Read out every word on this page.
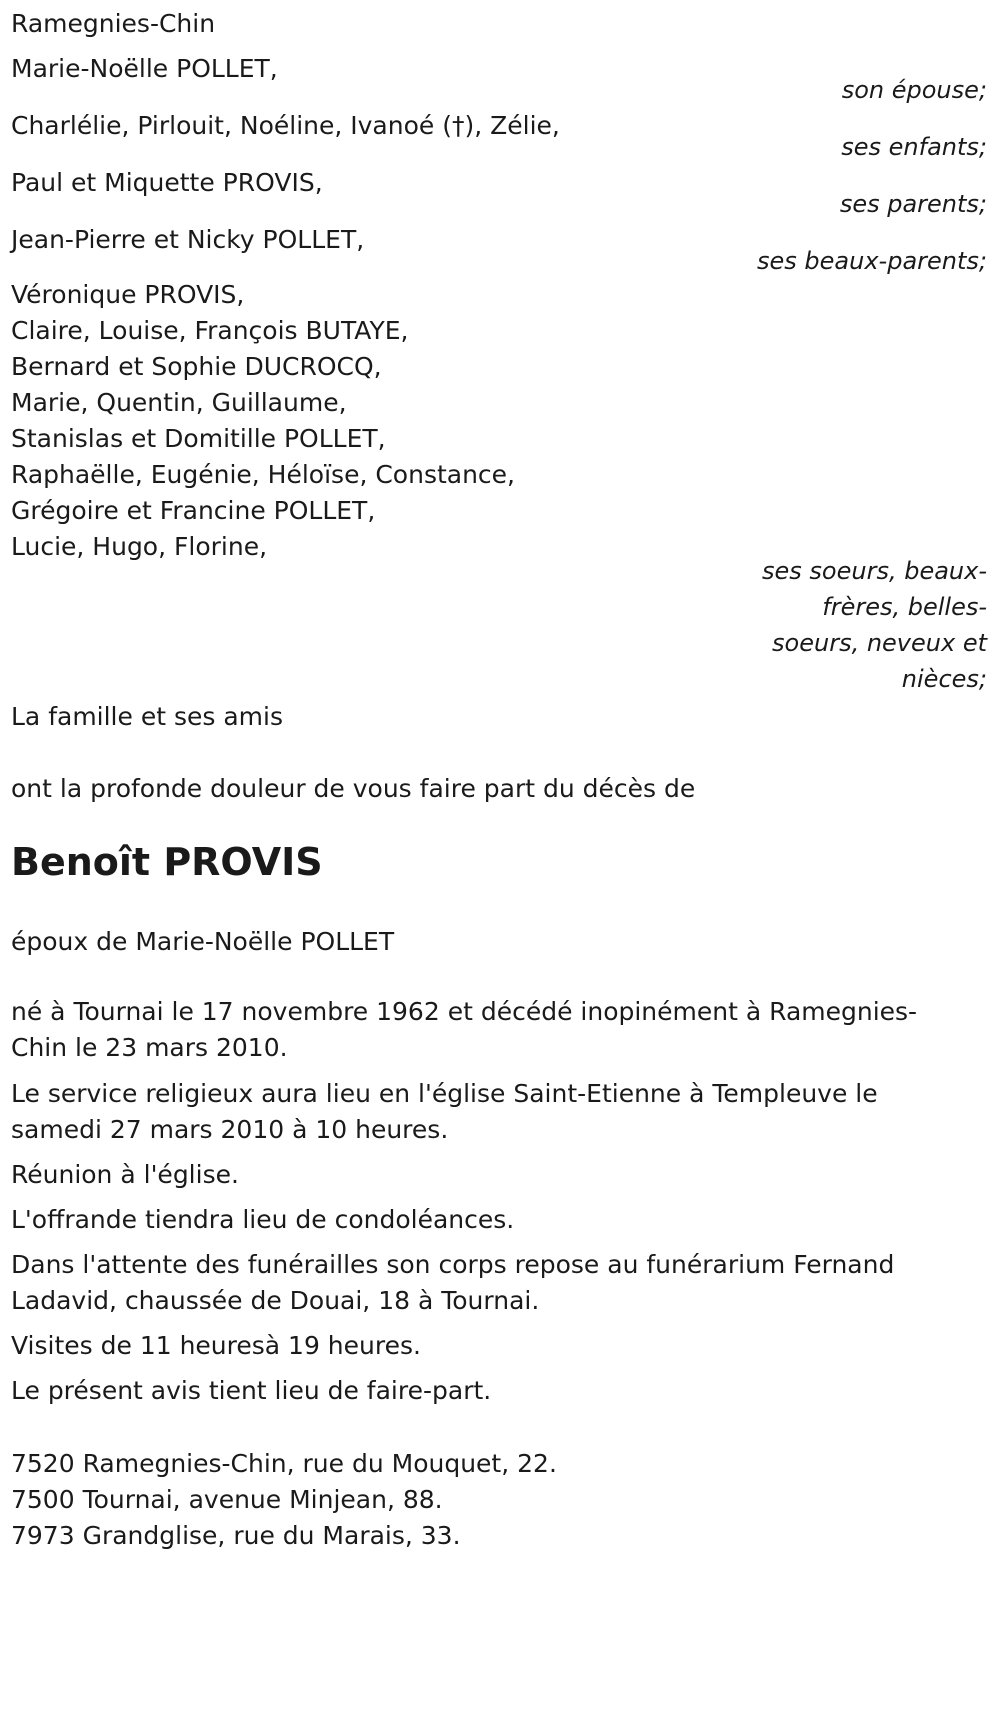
Ramegnies-Chin
Marie-Noëlle POLLET,
son épouse;
Charlélie, Pirlouit, Noéline, Ivanoé (†), Zélie,
ses enfants;
Paul et Miquette PROVIS,
ses parents;
Jean-Pierre et Nicky POLLET,
ses beaux-parents;
Véronique PROVIS,
Claire, Louise, François BUTAYE,
Bernard et Sophie DUCROCQ,
Marie, Quentin, Guillaume,
Stanislas et Domitille POLLET,
Raphaëlle, Eugénie, Héloïse, Constance,
Grégoire et Francine POLLET,
Lucie, Hugo, Florine,
ses soeurs, beaux-
frères, belles-
soeurs, neveux et
nièces;
La famille et ses amis
ont la profonde douleur de vous faire part du décès de
Benoît PROVIS
époux de Marie-Noëlle POLLET
né à Tournai le 17 novembre 1962 et décédé inopinément à Ramegnies-Chin le 23 mars 2010.
Le service religieux aura lieu en l'église Saint-Etienne à Templeuve le samedi 27 mars 2010 à 10 heures.
Réunion à l'église.
L'offrande tiendra lieu de condoléances.
Dans l'attente des funérailles son corps repose au funérarium Fernand Ladavid, chaussée de Douai, 18 à Tournai.
Visites de 11 heuresà 19 heures.
Le présent avis tient lieu de faire-part.
7520 Ramegnies-Chin, rue du Mouquet, 22.
7500 Tournai, avenue Minjean, 88.
7973 Grandglise, rue du Marais, 33.
